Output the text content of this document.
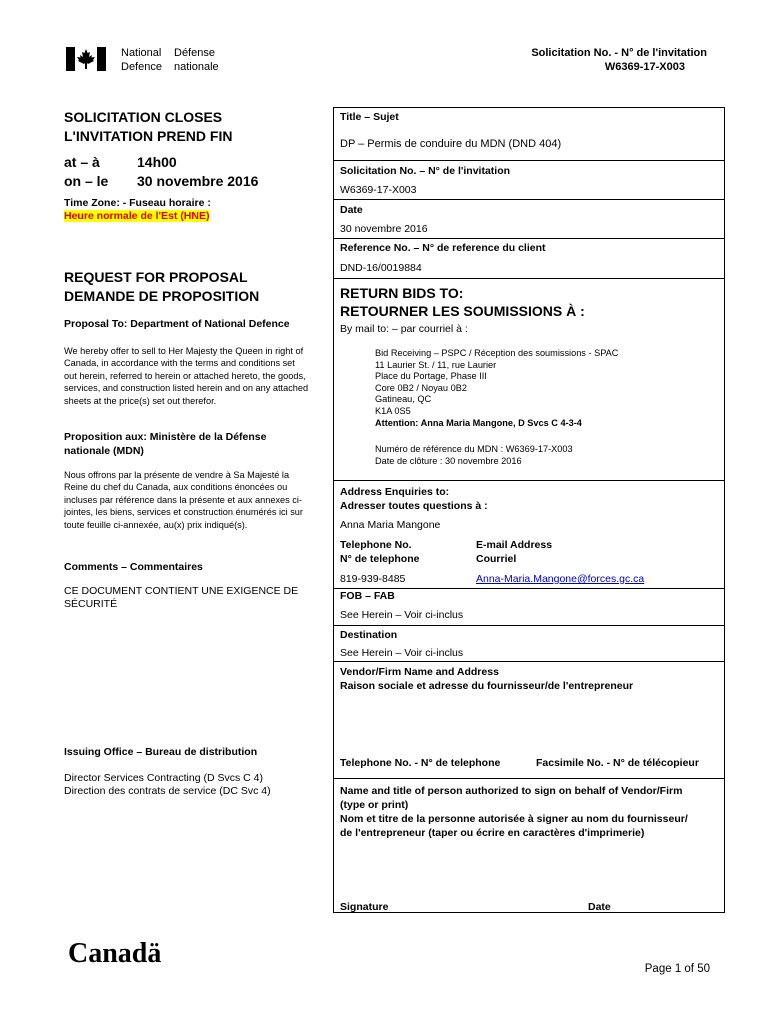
National
Defence
Défense
nationale
Solicitation No. - N° de l'invitation
W6369-17-X003
SOLICITATION CLOSES
L'INVITATION PREND FIN
at – à	14h00
on – le 30 novembre 2016
Time Zone: - Fuseau horaire :
Heure normale de l'Est (HNE)
REQUEST FOR PROPOSAL
DEMANDE DE PROPOSITION
Proposal To: Department of National Defence
We hereby offer to sell to Her Majesty the Queen in right of Canada, in accordance with the terms and conditions set out herein, referred to herein or attached hereto, the goods, services, and construction listed herein and on any attached sheets at the price(s) set out therefor.
Proposition aux: Ministère de la Défense
nationale (MDN)
Nous offrons par la présente de vendre à Sa Majesté la Reine du chef du Canada, aux conditions énoncées ou incluses par référence dans la présente et aux annexes ci-jointes, les biens, services et construction énumérés ici sur toute feuille ci-annexée, au(x) prix indiqué(s).
Comments – Commentaires
CE DOCUMENT CONTIENT UNE EXIGENCE DE SÉCURITÉ
Issuing Office – Bureau de distribution
Director Services Contracting (D Svcs C 4)
Direction des contrats de service (DC Svc 4)
Title – Sujet
DP – Permis de conduire du MDN (DND 404)
Solicitation No. – N° de l'invitation
W6369-17-X003
Date
30 novembre 2016
Reference No. – N° de reference du client
DND-16/0019884
RETURN BIDS TO:
RETOURNER LES SOUMISSIONS À :
By mail to: – par courriel à :
Bid Receiving – PSPC / Réception des soumissions - SPAC
11 Laurier St. / 11, rue Laurier
Place du Portage, Phase III
Core 0B2 / Noyau 0B2
Gatineau, QC
K1A 0S5
Attention: Anna Maria Mangone, D Svcs C 4-3-4
Numéro de référence du MDN : W6369-17-X003
Date de clôture : 30 novembre 2016
Address Enquiries to:
Adresser toutes questions à :
Anna Maria Mangone
Telephone No.
N° de telephone
E-mail Address
Courriel
819-939-8485	Anna-Maria.Mangone@forces.gc.ca
FOB – FAB
See Herein – Voir ci-inclus
Destination
See Herein – Voir ci-inclus
Vendor/Firm Name and Address
Raison sociale et adresse du fournisseur/de l'entrepreneur
Telephone No. - N° de telephone	Facsimile No. - N° de télécopieur
Name and title of person authorized to sign on behalf of Vendor/Firm
(type or print)
Nom et titre de la personne autorisée à signer au nom du fournisseur/
de l'entrepreneur (taper ou écrire en caractères d'imprimerie)
Signature	Date
Canadä	Page 1 of 50
